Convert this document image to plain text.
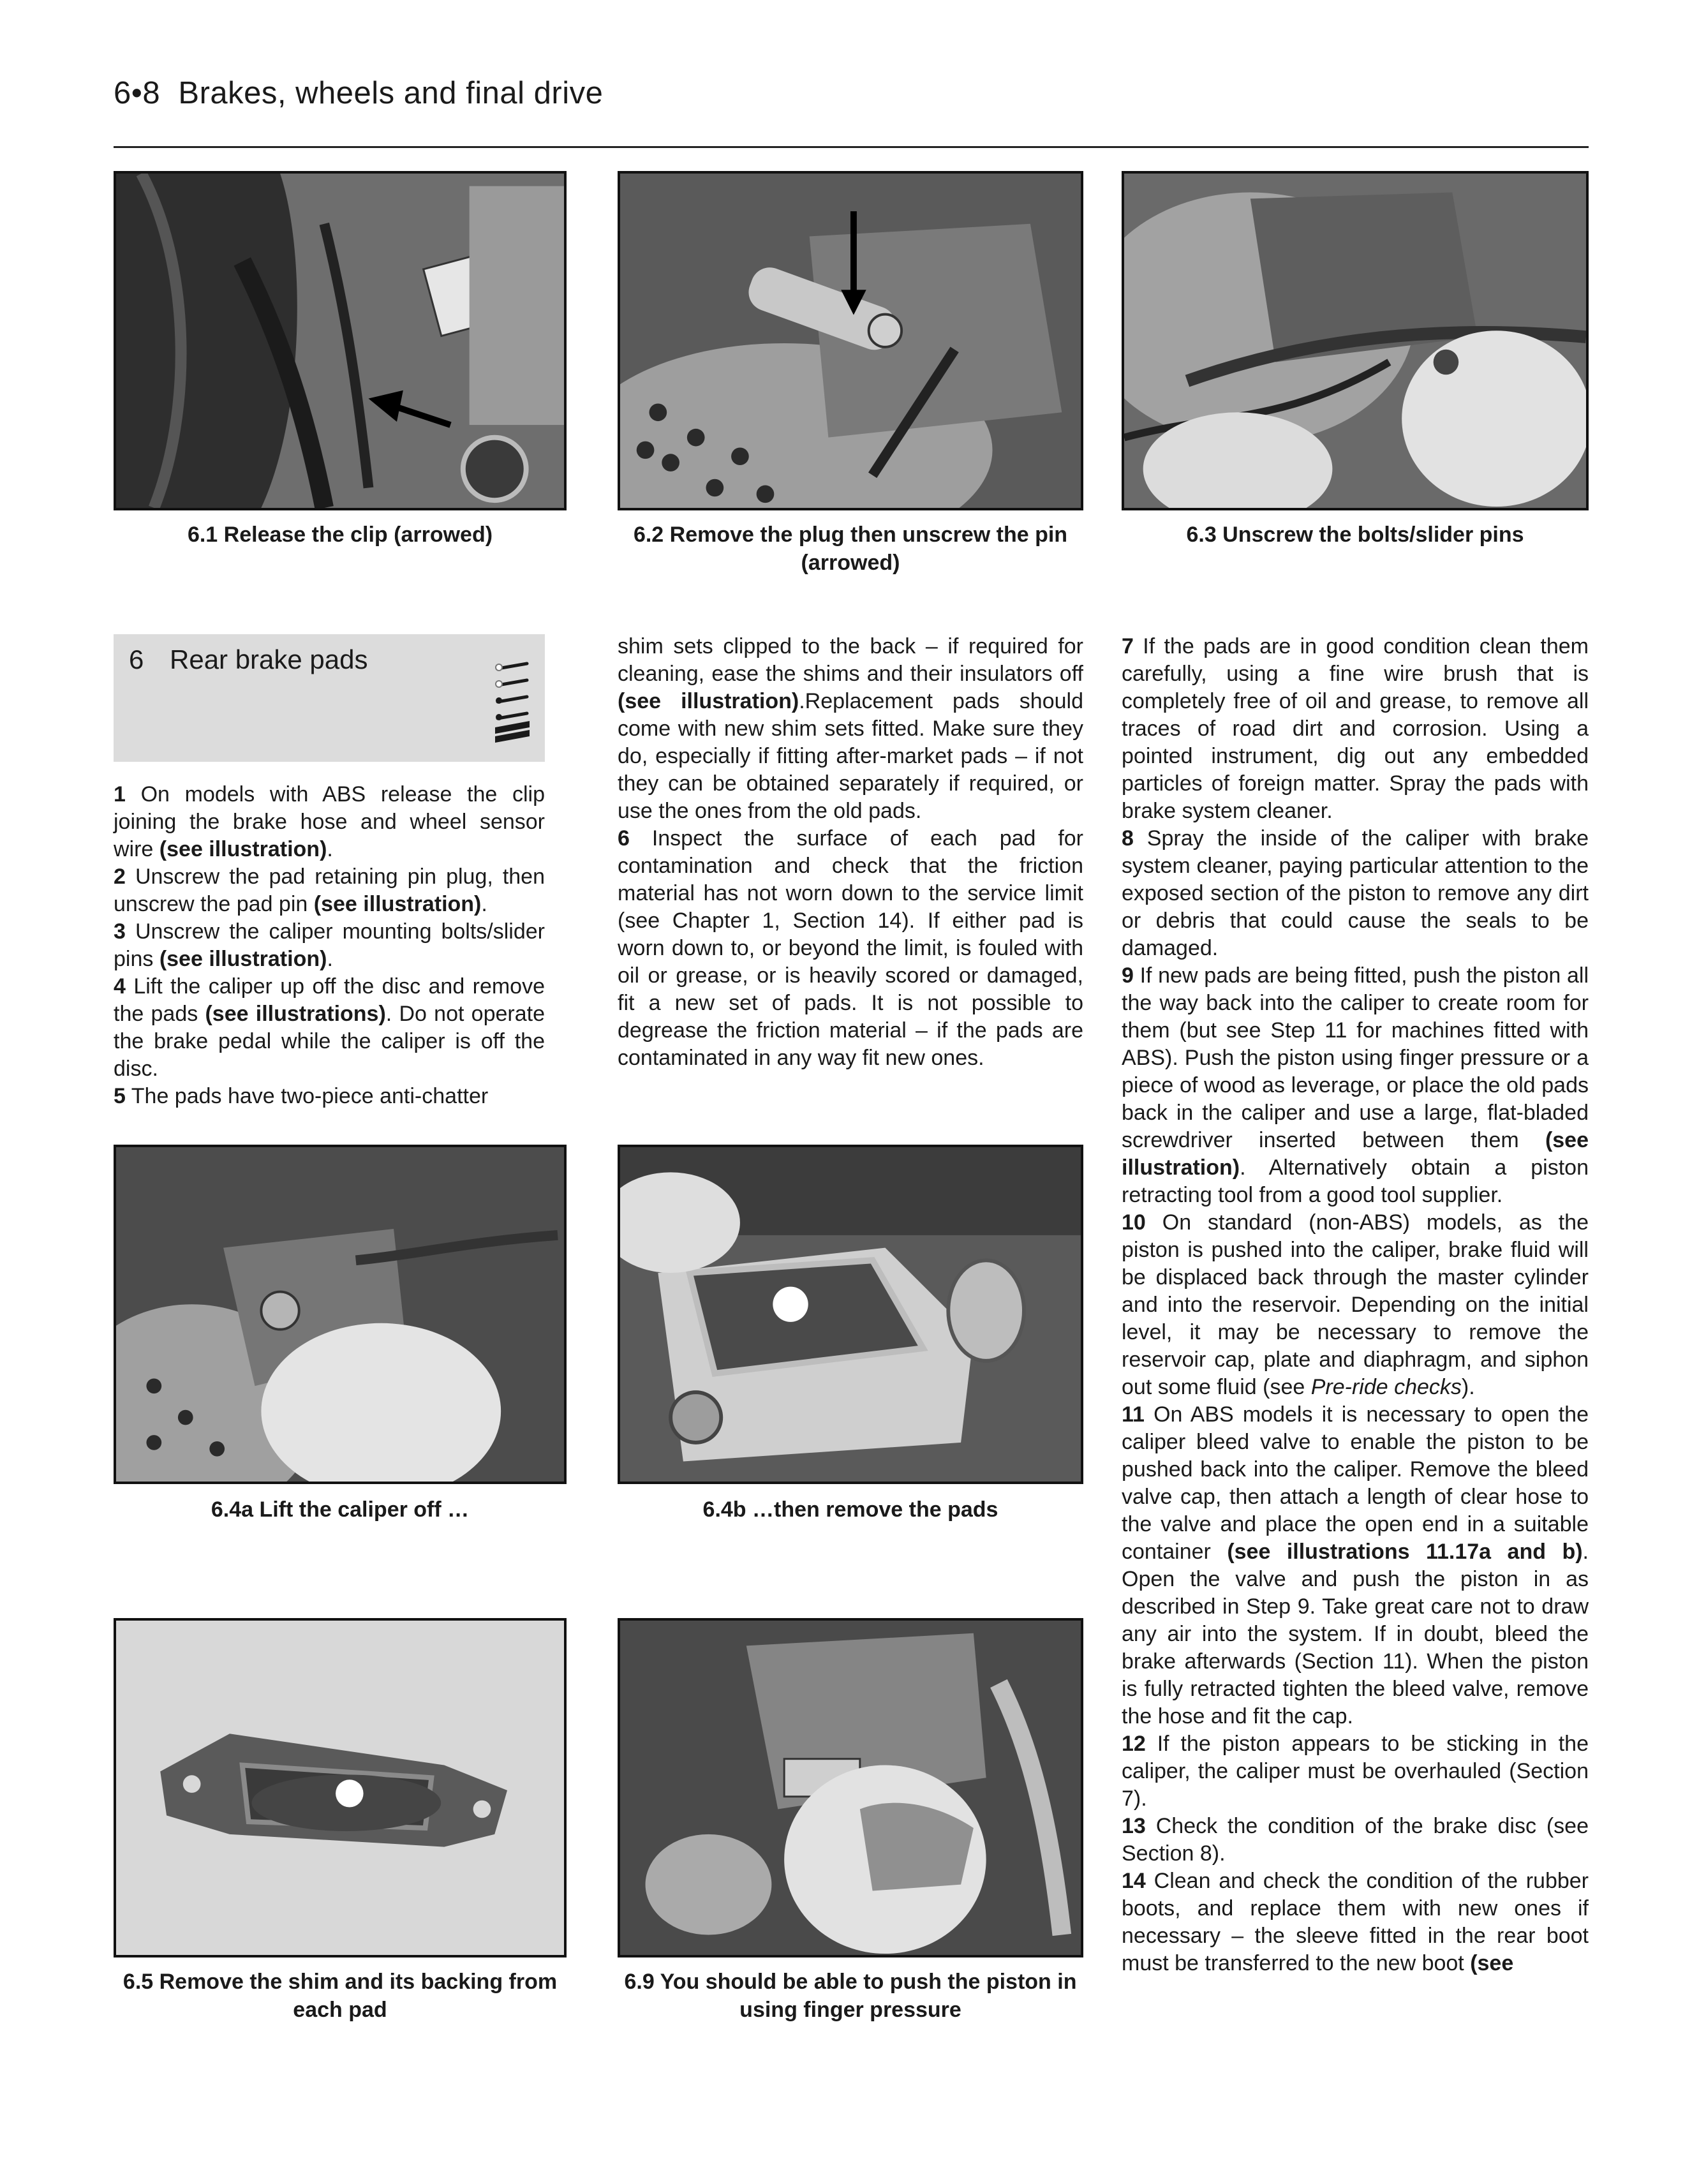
6•8 Brakes, wheels and final drive
6.1 Release the clip (arrowed)	6.2 Remove the plug then unscrew the pin (arrowed)
6.3 Unscrew the bolts/slider pins
6 Rear brake pads

1 On models with ABS release the clip joining the brake hose and wheel sensor wire (see illustration).

2 Unscrew the pad retaining pin plug, then unscrew the pad pin (see illustration).

3 Unscrew the caliper mounting bolts/slider pins (see illustration).

4 Lift the caliper up off the disc and remove the pads (see illustrations). Do not operate the brake pedal while the caliper is off the disc.

5 The pads have two-piece anti-chatter

shim sets clipped to the back – if required for cleaning, ease the shims and their insulators off (see illustration).Replacement pads should come with new shim sets fitted. Make sure they do, especially if fitting after-market pads – if not they can be obtained separately if required, or use the ones from the old pads.

6 Inspect the surface of each pad for contamination and check that the friction material has not worn down to the service limit (see Chapter 1, Section 14). If either pad is worn down to, or beyond the limit, is fouled with oil or grease, or is heavily scored or damaged, fit a new set of pads. It is not possible to degrease the friction material – if the pads are contaminated in any way fit new ones.

7 If the pads are in good condition clean them carefully, using a fine wire brush that is completely free of oil and grease, to remove all traces of road dirt and corrosion. Using a pointed instrument, dig out any embedded particles of foreign matter. Spray the pads with brake system cleaner.

8 Spray the inside of the caliper with brake system cleaner, paying particular attention to the exposed section of the piston to remove any dirt or debris that could cause the seals to be damaged.

9 If new pads are being fitted, push the piston all the way back into the caliper to create room for them (but see Step 11 for machines fitted with ABS). Push the piston using finger pressure or a piece of wood as leverage, or place the old pads back in the caliper and use a large, flat-bladed screwdriver inserted between them (see illustration). Alternatively obtain a piston retracting tool from a good tool supplier.

10 On standard (non-ABS) models, as the piston is pushed into the caliper, brake fluid will be displaced back through the master cylinder and into the reservoir. Depending on the initial level, it may be necessary to remove the reservoir cap, plate and diaphragm, and siphon out some fluid (see Pre-ride checks).

11 On ABS models it is necessary to open the caliper bleed valve to enable the piston to be pushed back into the caliper. Remove the bleed valve cap, then attach a length of clear hose to the valve and place the open end in a suitable container (see illustrations 11.17a and b). Open the valve and push the piston in as described in Step 9. Take great care not to draw any air into the system. If in doubt, bleed the brake afterwards (Section 11). When the piston is fully retracted tighten the bleed valve, remove the hose and fit the cap.

12 If the piston appears to be sticking in the caliper, the caliper must be overhauled (Section 7).

13 Check the condition of the brake disc (see Section 8).

14 Clean and check the condition of the rubber boots, and replace them with new ones if necessary – the sleeve fitted in the rear boot must be transferred to the new boot (see

6.4a Lift the caliper off …	6.4b …then remove the pads
6.5 Remove the shim and its backing from each pad
6.9 You should be able to push the piston in using finger pressure
